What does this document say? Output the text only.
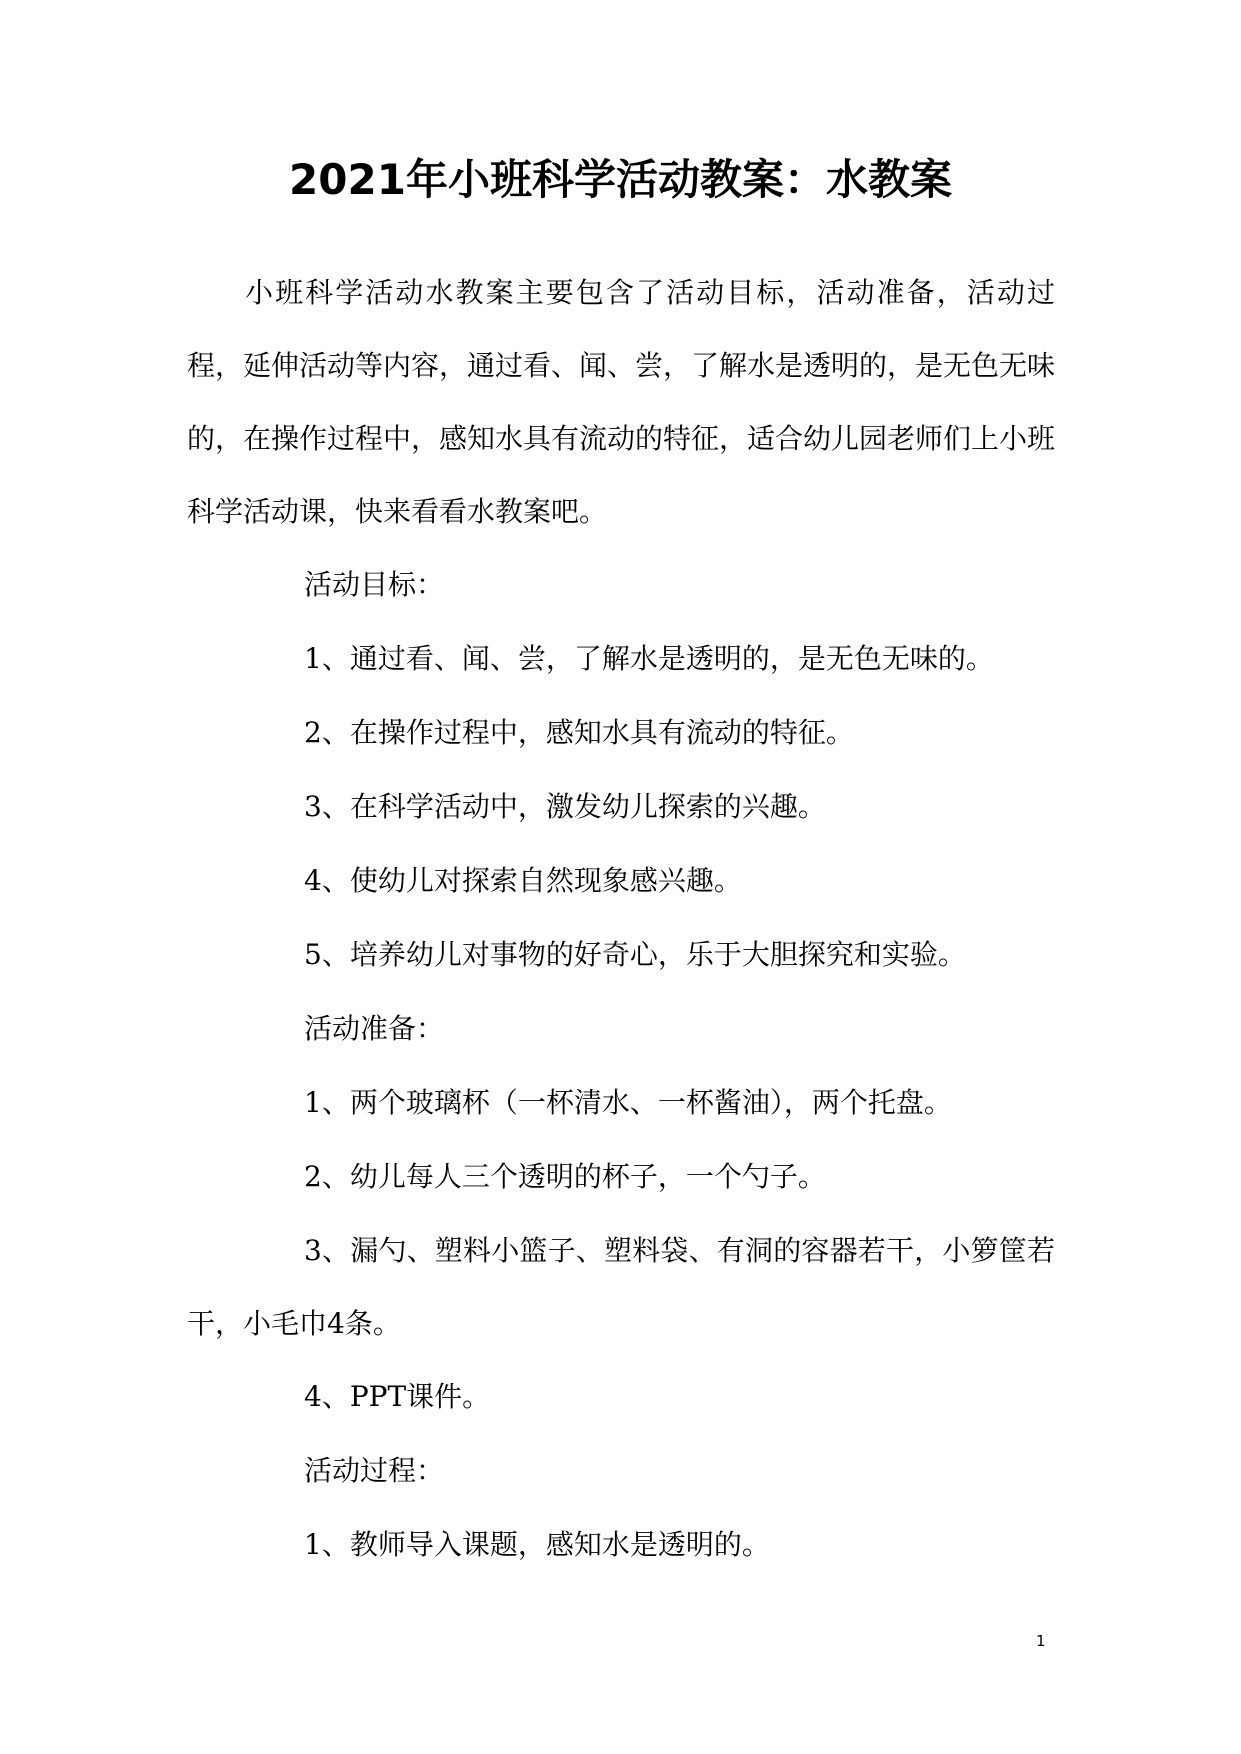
2021年小班科学活动教案：水教案

小班科学活动水教案主要包含了活动目标，活动准备，活动过程，延伸活动等内容，通过看、闻、尝，了解水是透明的，是无色无味的，在操作过程中，感知水具有流动的特征，适合幼儿园老师们上小班科学活动课，快来看看水教案吧。

活动目标：
1、通过看、闻、尝，了解水是透明的，是无色无味的。
2、在操作过程中，感知水具有流动的特征。
3、在科学活动中，激发幼儿探索的兴趣。
4、使幼儿对探索自然现象感兴趣。
5、培养幼儿对事物的好奇心，乐于大胆探究和实验。
活动准备：
1、两个玻璃杯（一杯清水、一杯酱油），两个托盘。
2、幼儿每人三个透明的杯子，一个勺子。

3、漏勺、塑料小篮子、塑料袋、有洞的容器若干，小箩筐若干，小毛巾4条。

4、PPT课件。
活动过程：
1、教师导入课题，感知水是透明的。
1
